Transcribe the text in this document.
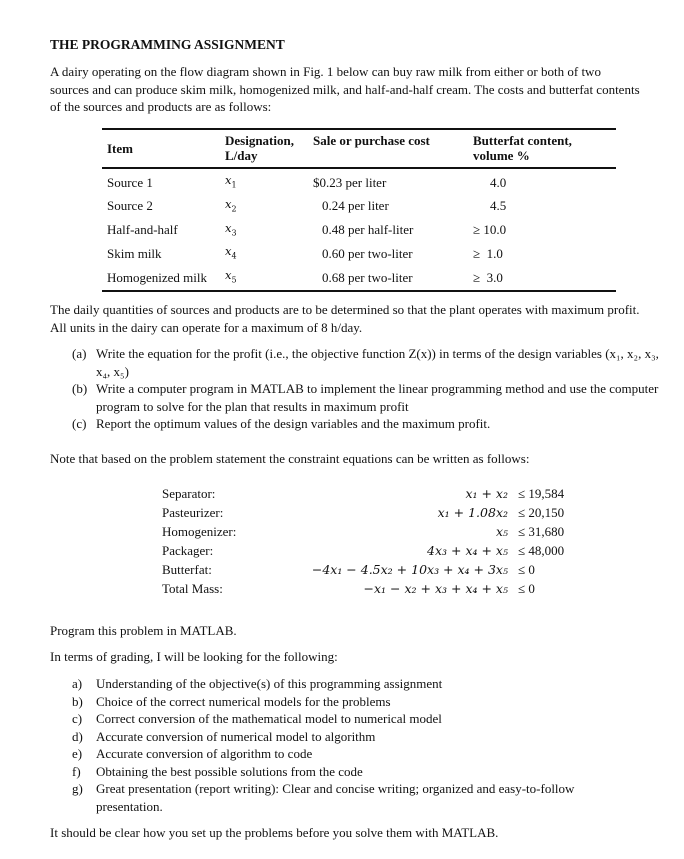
THE PROGRAMMING ASSIGNMENT
A dairy operating on the flow diagram shown in Fig. 1 below can buy raw milk from either or both of two sources and can produce skim milk, homogenized milk, and half-and-half cream. The costs and butterfat contents of the sources and products are as follows:
Item	Designation, L/day	Sale or purchase cost	Butterfat content, volume %
Source 1	$x_1$	$0.23 per liter	4.0
Source 2	$x_2$	0.24 per liter	4.5
Half-and-half	$x_3$	0.48 per half-liter	≥ 10.0
Skim milk	$x_4$	0.60 per two-liter	≥  1.0
Homogenized milk	$x_5$	0.68 per two-liter	≥  3.0
The daily quantities of sources and products are to be determined so that the plant operates with maximum profit. All units in the dairy can operate for a maximum of 8 h/day.
(a) Write the equation for the profit (i.e., the objective function Z(x)) in terms of the design variables (x₁, x₂, x₃, x₄, x₅)
(b) Write a computer program in MATLAB to implement the linear programming method and use the computer program to solve for the plan that results in maximum profit
(c) Report the optimum values of the design variables and the maximum profit.
Note that based on the problem statement the constraint equations can be written as follows:
Separator:	x₁ + x₂	≤ 19,584
Pasteurizer:	x₁ + 1.08x₂	≤ 20,150
Homogenizer:	x₅	≤ 31,680
Packager:	4x₃ + x₄ + x₅	≤ 48,000
Butterfat:	−4x₁ − 4.5x₂ + 10x₃ + x₄ + 3x₅	≤ 0
Total Mass:	−x₁ − x₂ + x₃ + x₄ + x₅	≤ 0
Program this problem in MATLAB.
In terms of grading, I will be looking for the following:
a)	Understanding of the objective(s) of this programming assignment
b)	Choice of the correct numerical models for the problems
c)	Correct conversion of the mathematical model to numerical model
d)	Accurate conversion of numerical model to algorithm
e)	Accurate conversion of algorithm to code
f)	Obtaining the best possible solutions from the code
g)	Great presentation (report writing): Clear and concise writing; organized and easy-to-follow presentation.
It should be clear how you set up the problems before you solve them with MATLAB.
